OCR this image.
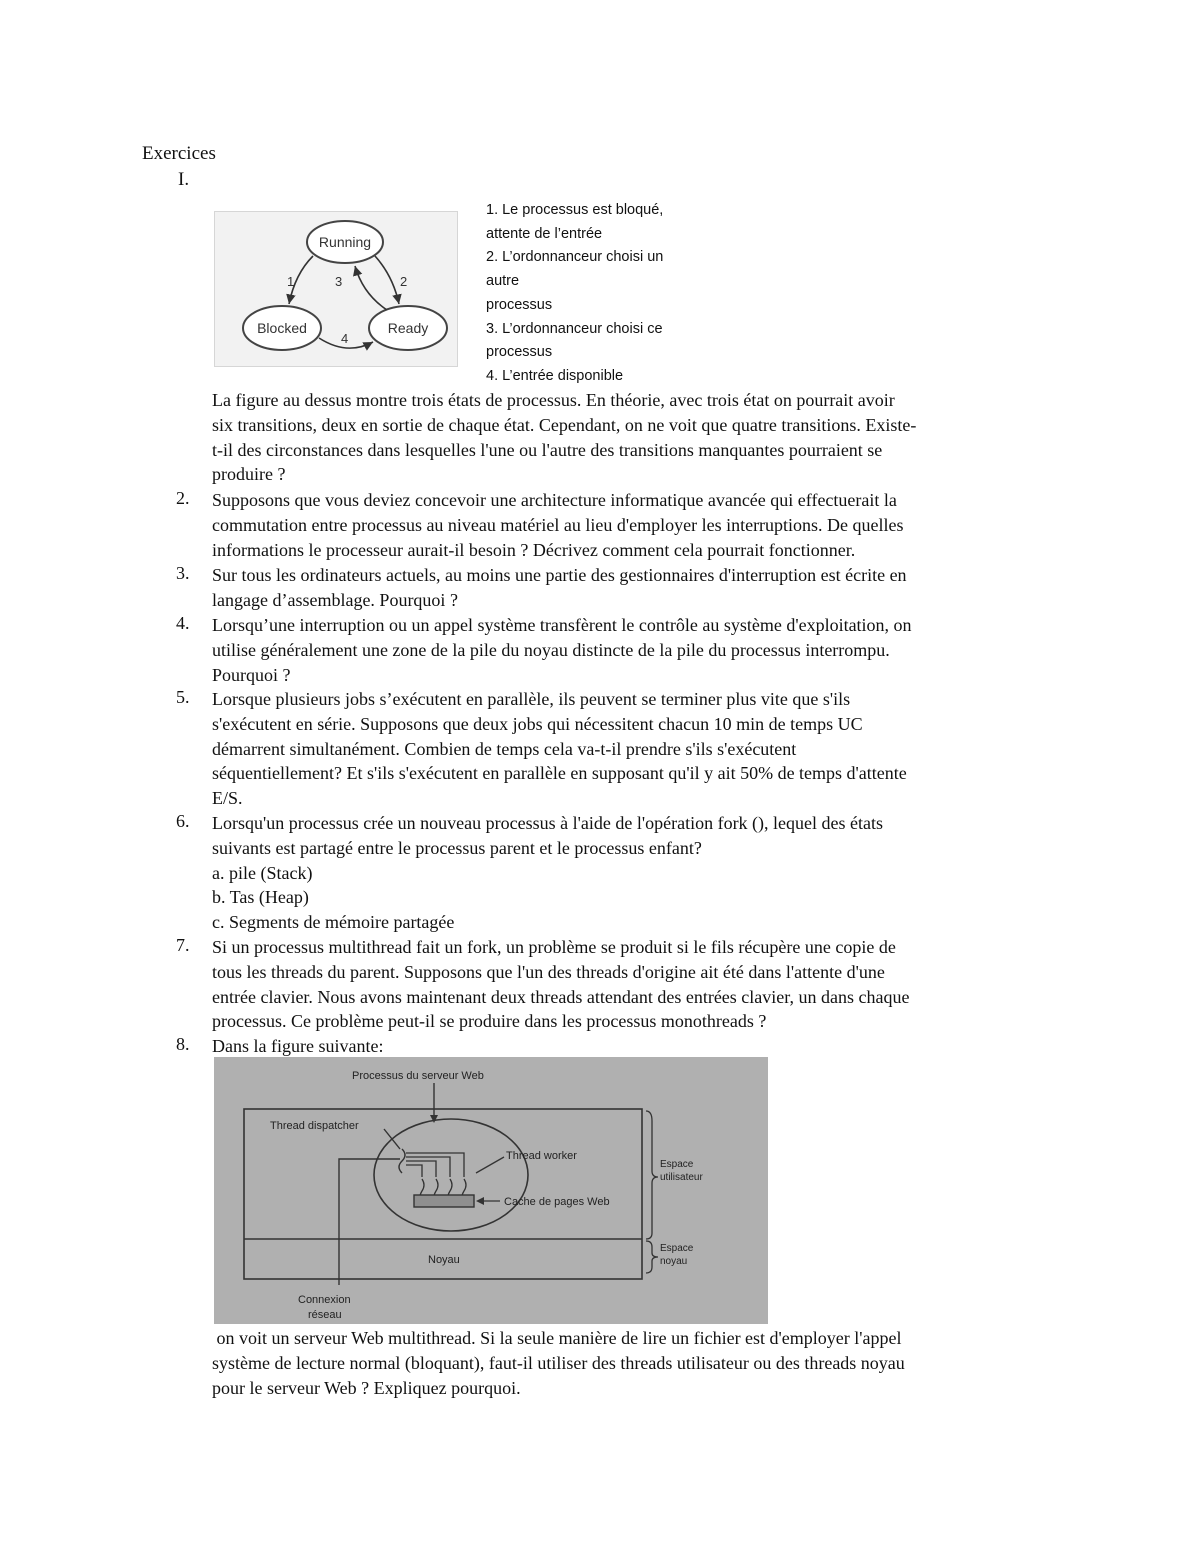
Exercices
I.
Running
Blocked	Ready
1	3	2
4
1. Le processus est bloqué,
attente de l’entrée
2. L’ordonnanceur choisi un
autre
processus
3. L’ordonnanceur choisi ce
processus
4. L’entrée disponible
La figure au dessus montre trois états de processus. En théorie, avec trois état on pourrait avoir
six transitions, deux en sortie de chaque état. Cependant, on ne voit que quatre transitions. Existe-
t-il des circonstances dans lesquelles l'une ou l'autre des transitions manquantes pourraient se
produire ?
2. Supposons que vous deviez concevoir une architecture informatique avancée qui effectuerait la
commutation entre processus au niveau matériel au lieu d'employer les interruptions. De quelles
informations le processeur aurait-il besoin ? Décrivez comment cela pourrait fonctionner.
3. Sur tous les ordinateurs actuels, au moins une partie des gestionnaires d'interruption est écrite en
langage d’assemblage. Pourquoi ?
4. Lorsqu’une interruption ou un appel système transfèrent le contrôle au système d'exploitation, on
utilise généralement une zone de la pile du noyau distincte de la pile du processus interrompu.
Pourquoi ?
5. Lorsque plusieurs jobs s’exécutent en parallèle, ils peuvent se terminer plus vite que s'ils
s'exécutent en série. Supposons que deux jobs qui nécessitent chacun 10 min de temps UC
démarrent simultanément. Combien de temps cela va-t-il prendre s'ils s'exécutent
séquentiellement? Et s'ils s'exécutent en parallèle en supposant qu'il y ait 50% de temps d'attente
E/S.
6. Lorsqu'un processus crée un nouveau processus à l'aide de l'opération fork (), lequel des états
suivants est partagé entre le processus parent et le processus enfant?
a. pile (Stack)
b. Tas (Heap)
c. Segments de mémoire partagée
7. Si un processus multithread fait un fork, un problème se produit si le fils récupère une copie de
tous les threads du parent. Supposons que l'un des threads d'origine ait été dans l'attente d'une
entrée clavier. Nous avons maintenant deux threads attendant des entrées clavier, un dans chaque
processus. Ce problème peut-il se produire dans les processus monothreads ?
8. Dans la figure suivante:
Processus du serveur Web
Thread dispatcher
Thread worker
Cache de pages Web
Noyau
Espace
utilisateur
Espace
noyau
Connexion
réseau
on voit un serveur Web multithread. Si la seule manière de lire un fichier est d'employer l'appel
système de lecture normal (bloquant), faut-il utiliser des threads utilisateur ou des threads noyau
pour le serveur Web ? Expliquez pourquoi.
